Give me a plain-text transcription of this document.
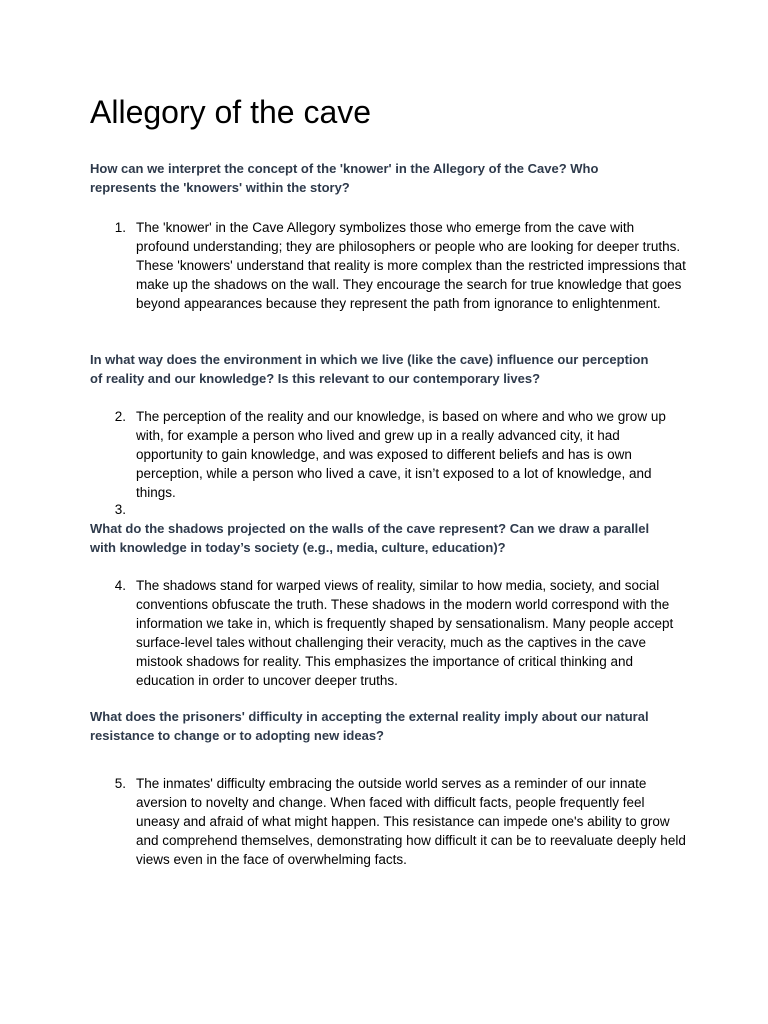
Allegory of the cave

How can we interpret the concept of the 'knower' in the Allegory of the Cave? Who represents the 'knowers' within the story?

1. The 'knower' in the Cave Allegory symbolizes those who emerge from the cave with profound understanding; they are philosophers or people who are looking for deeper truths. These 'knowers' understand that reality is more complex than the restricted impressions that make up the shadows on the wall. They encourage the search for true knowledge that goes beyond appearances because they represent the path from ignorance to enlightenment.

In what way does the environment in which we live (like the cave) influence our perception of reality and our knowledge? Is this relevant to our contemporary lives?

2. The perception of the reality and our knowledge, is based on where and who we grow up with, for example a person who lived and grew up in a really advanced city, it had opportunity to gain knowledge, and was exposed to different beliefs and has is own perception, while a person who lived a cave, it isn’t exposed to a lot of knowledge, and things.
3.

What do the shadows projected on the walls of the cave represent? Can we draw a parallel with knowledge in today’s society (e.g., media, culture, education)?

4. The shadows stand for warped views of reality, similar to how media, society, and social conventions obfuscate the truth. These shadows in the modern world correspond with the information we take in, which is frequently shaped by sensationalism. Many people accept surface-level tales without challenging their veracity, much as the captives in the cave mistook shadows for reality. This emphasizes the importance of critical thinking and education in order to uncover deeper truths.

What does the prisoners' difficulty in accepting the external reality imply about our natural resistance to change or to adopting new ideas?

5. The inmates' difficulty embracing the outside world serves as a reminder of our innate aversion to novelty and change. When faced with difficult facts, people frequently feel uneasy and afraid of what might happen. This resistance can impede one's ability to grow and comprehend themselves, demonstrating how difficult it can be to reevaluate deeply held views even in the face of overwhelming facts.
